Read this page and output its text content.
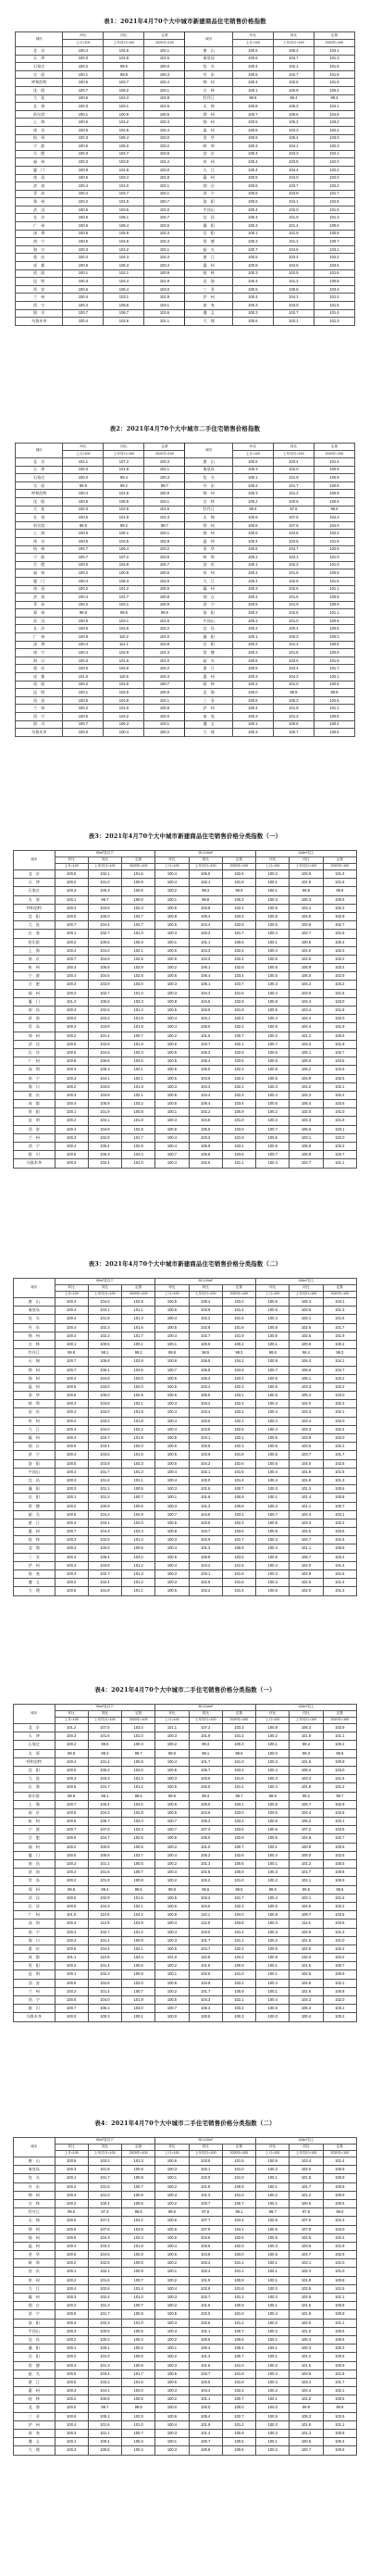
表1：2021年4月70个大中城市新建商品住宅销售价格指数
城市	环比	同比	定基	城市	环比	同比	定基
	上月=100	上年同月=100	2020年=100		上月=100	上年同月=100	2020年=100
北　京	100.4	104.6	102.1	唐　山	100.5	105.2	103.1
天　津	100.3	101.8	101.6	秦皇岛	100.6	103.7	101.3
石家庄	100.2	99.5	100.0	包　头	100.4	102.1	101.5
太　原	100.1	99.8	100.3	丹　东	100.5	102.7	101.8
呼和浩特	100.5	103.7	102.4	锦　州	100.4	102.6	101.9
沈　阳	100.7	105.2	103.1	吉　林	100.1	100.8	100.2
大　连	100.6	104.3	102.8	牡丹江	99.8	98.4	99.3
长　春	100.3	103.1	101.6	无　锡	100.8	106.3	104.1
哈尔滨	100.1	100.9	100.5	徐　州	100.7	106.6	104.8
上　海	100.5	104.2	102.3	扬　州	100.5	105.2	103.2
南　京	100.6	104.5	102.4	温　州	100.5	103.3	102.2
杭　州	100.3	106.4	103.0	金　华	100.6	105.4	103.0
宁　波	100.5	106.0	103.2	蚌　埠	100.3	104.1	102.3
合　肥	100.3	104.7	103.5	安　庆	100.4	103.3	102.1
福　州	100.3	103.9	101.4	泉　州	100.4	103.5	102.0
厦　门	100.9	104.8	103.0	九　江	100.4	104.4	102.4
南　昌	100.5	103.4	101.8	赣　州	100.5	104.0	102.0
济　南	100.4	104.0	102.1	烟　台	100.6	103.7	102.2
青　岛	100.4	104.7	102.1	济　宁	100.5	103.8	101.7
郑　州	100.2	101.5	100.7	洛　阳	100.6	104.1	102.5
武　汉	100.6	103.5	102.0	平顶山	100.4	102.0	101.5
长　沙	100.6	105.1	102.7	宜　昌	100.4	101.9	101.3
广　州	100.6	106.4	103.6	襄　阳	100.3	101.4	100.6
深　圳	100.5	105.9	102.3	岳　阳	100.1	101.5	100.8
南　宁	100.5	104.6	102.3	常　德	100.3	101.2	100.7
海　口	100.3	104.2	102.1	韶　关	100.7	104.5	103.1
重　庆	100.4	104.3	102.3	湛　江	100.5	103.4	102.2
成　都	100.5	106.3	103.4	惠　州	100.8	104.6	103.5
贵　阳	100.1	102.1	100.9	桂　林	100.3	102.8	101.6
昆　明	100.3	104.4	101.9	北　海	100.4	101.2	100.8
西　安	100.6	105.4	103.0	三　亚	100.5	106.8	103.4
兰　州	100.4	103.1	101.9	泸　州	100.4	104.1	101.4
西　宁	100.4	105.8	103.1	南　充	100.3	103.0	101.5
银　川	100.7	106.7	103.6	遵　义	100.3	102.7	101.4
乌鲁木齐	100.4	102.6	101.1	大　理	100.6	102.1	101.3
表2：2021年4月70个大中城市二手住宅销售价格指数
城市	环比	同比	定基	城市	环比	同比	定基
	上月=100	上年同月=100	2020年=100		上月=100	上年同月=100	2020年=100
北　京	101.1	107.2	103.3	唐　山	100.6	103.4	101.4
天　津	100.3	101.8	101.1	秦皇岛	100.3	102.0	100.9
石家庄	100.2	99.4	100.3	包　头	100.1	101.9	100.9
太　原	99.9	99.2	99.7	丹　东	100.2	101.7	100.8
呼和浩特	100.4	101.6	100.9	锦　州	100.3	101.2	100.9
沈　阳	100.5	106.5	103.1	吉　林	100.2	100.6	100.6
大　连	100.3	103.5	101.5	牡丹江	99.6	97.5	99.0
长　春	100.5	101.9	101.3	无　锡	100.6	107.6	104.3
哈尔滨	99.9	99.2	99.7	徐　州	100.6	107.8	104.0
上　海	100.6	106.1	103.1	扬　州	100.6	104.5	102.4
南　京	100.6	104.5	102.9	温　州	100.4	103.5	101.9
杭　州	100.7	106.4	103.2	金　华	100.6	104.7	102.9
宁　波	100.7	107.2	103.5	蚌　埠	100.2	103.1	101.0
合　肥	100.6	104.9	102.7	安　庆	100.1	102.3	101.0
福　州	100.2	100.9	100.6	泉　州	100.2	101.8	100.8
厦　门	100.4	105.3	102.6	九　江	100.4	102.8	101.5
南　昌	100.2	101.2	100.5	赣　州	100.3	102.6	101.1
济　南	100.4	101.7	100.8	烟　台	100.2	101.5	100.8
青　岛	100.2	102.1	100.9	济　宁	100.5	101.9	100.9
郑　州	99.8	99.5	99.5	洛　阳	100.3	102.5	101.1
武　汉	100.5	103.1	101.6	平顶山	100.3	101.0	100.6
长　沙	100.6	104.5	102.2	宜　昌	100.2	100.4	100.5
广　州	100.9	110.2	104.0	襄　阳	100.1	100.3	100.3
深　圳	100.4	112.1	103.8	岳　阳	100.2	101.2	100.6
南　宁	100.4	102.9	101.3	常　德	100.3	101.5	100.9
海　口	100.3	101.6	101.0	韶　关	100.5	103.6	101.8
重　庆	100.6	104.6	102.2	湛　江	100.5	103.4	101.7
成　都	101.0	110.6	104.3	惠　州	100.3	104.3	102.1
贵　阳	100.2	101.5	100.7	桂　林	100.2	101.0	100.6
昆　明	100.1	102.5	100.9	北　海	100.0	99.9	99.9
西　安	100.5	104.8	102.1	三　亚	100.6	105.3	102.6
兰　州	100.2	101.6	100.8	泸　州	100.4	101.8	101.1
西　宁	100.5	104.2	102.0	南　充	100.3	101.3	100.8
银　川	100.7	106.3	103.1	遵　义	100.1	100.6	100.4
乌鲁木齐	100.0	100.4	100.2	大　理	100.3	100.7	100.5
表3：2021年4月70个大中城市新建商品住宅销售价格分类指数（一）
城市	90m²及以下			90-144m²			144m²以上		
	环比	同比	定基	环比	同比	定基	环比	同比	定基
	上月=100	上年同月=100	2020年=100	上月=100	上年同月=100	2020年=100	上月=100	上年同月=100	2020年=100
北　京	100.5	102.1	101.6	100.4	106.0	102.6	100.2	103.6	101.4
天　津	100.2	101.0	100.9	100.4	102.1	101.8	100.1	101.9	101.5
石家庄	100.3	100.3	100.6	100.2	99.3	99.9	100.1	99.5	99.9
太　原	100.1	99.7	100.0	100.1	99.8	100.3	100.3	100.3	100.5
呼和浩特	100.3	103.5	102.3	100.5	103.9	102.4	100.5	103.4	102.3
沈　阳	100.5	105.0	102.7	100.8	105.4	103.3	100.5	104.8	102.9
大　连	100.7	104.4	102.7	100.6	104.4	102.8	100.5	103.9	102.7
长　春	100.1	102.7	101.3	100.3	103.3	101.7	100.4	102.7	101.5
哈尔滨	100.2	100.5	100.3	100.1	101.1	100.6	100.1	100.6	100.4
上　海	100.4	104.2	102.1	100.6	104.3	102.4	100.4	104.0	102.3
南　京	100.7	104.9	102.5	100.6	104.3	102.4	100.5	104.5	102.2
杭　州	100.3	106.8	102.9	100.2	106.1	102.8	100.5	106.9	103.4
宁　波	100.4	104.6	102.8	100.6	106.4	103.4	100.5	106.0	102.9
合　肥	100.3	103.9	103.0	100.3	105.1	103.7	100.3	104.2	103.2
福　州	100.2	102.7	101.0	100.3	104.2	101.5	100.4	103.9	101.5
厦　门	101.2	105.8	103.3	100.8	104.5	102.9	100.8	104.4	103.0
南　昌	100.3	102.6	101.4	100.5	103.6	101.9	100.5	103.4	101.9
济　南	100.3	103.2	101.8	100.4	104.1	102.2	100.4	104.4	102.0
青　岛	100.3	103.8	101.9	100.4	105.0	102.2	100.5	104.4	101.9
郑　州	100.2	101.4	100.7	100.2	101.6	100.7	100.2	101.2	100.6
武　汉	100.5	102.9	101.8	100.6	103.7	102.1	100.7	103.3	101.9
长　沙	100.5	104.5	102.3	100.6	105.2	102.8	100.6	105.1	102.7
广　州	100.8	106.8	103.6	100.5	106.4	103.5	100.6	106.0	103.6
深　圳	100.3	105.3	102.1	100.5	106.0	102.3	100.6	106.2	102.6
南　宁	100.3	104.1	102.1	100.5	104.6	102.3	100.5	104.9	102.5
海　口	100.2	103.8	101.9	100.3	104.3	102.1	100.3	104.2	102.1
重　庆	100.3	103.9	102.1	100.5	104.4	102.3	100.4	104.3	102.4
成　都	100.4	105.9	103.2	100.5	106.4	103.4	100.6	106.4	103.6
贵　阳	100.1	101.9	100.8	100.1	102.2	100.9	100.2	102.0	101.0
昆　明	100.2	104.1	101.8	100.3	104.5	101.9	100.3	104.3	101.9
西　安	100.4	104.9	102.8	100.6	105.5	103.0	100.7	105.6	103.1
兰　州	100.3	102.8	101.7	100.4	103.2	101.9	100.5	103.1	102.0
西　宁	100.4	105.4	102.9	100.4	105.9	103.1	100.5	105.9	103.2
银　川	100.6	106.3	103.4	100.7	106.8	103.6	100.7	106.8	103.7
乌鲁木齐	100.3	102.4	101.0	100.4	102.6	101.1	100.4	102.7	101.1
表3：2021年4月70个大中城市新建商品住宅销售价格分类指数（二）
城市	90m²及以下			90-144m²			144m²以上		
	环比	同比	定基	环比	同比	定基	环比	同比	定基
	上月=100	上年同月=100	2020年=100	上月=100	上年同月=100	2020年=100	上月=100	上年同月=100	2020年=100
唐　山	100.3	104.5	102.8	100.5	105.4	103.2	100.6	105.3	103.1
秦皇岛	100.4	103.1	101.1	100.6	103.9	101.4	100.6	103.6	101.3
包　头	100.4	101.8	101.3	100.4	102.2	101.5	100.4	102.1	101.5
丹　东	100.4	102.3	101.6	100.5	102.8	101.9	100.5	102.6	101.7
锦　州	100.4	102.2	101.7	100.4	102.7	101.9	100.5	102.5	101.9
吉　林	100.1	100.5	100.1	100.1	100.9	100.2	100.1	100.8	100.2
牡丹江	99.8	98.1	99.2	99.8	98.5	99.3	99.8	98.4	99.3
无　锡	100.7	105.8	103.9	100.8	106.5	104.2	100.8	106.3	104.1
徐　州	100.7	106.1	104.5	100.7	106.8	104.9	100.7	106.6	104.7
扬　州	100.4	104.8	103.0	100.5	105.3	103.3	100.5	105.1	103.2
温　州	100.5	103.0	102.0	100.5	103.4	102.3	100.5	103.3	102.2
金　华	100.5	105.0	102.8	100.6	105.6	103.1	100.6	105.3	103.0
蚌　埠	100.3	103.8	102.1	100.3	104.2	102.4	100.3	104.0	102.3
安　庆	100.4	103.0	101.9	100.4	103.4	102.2	100.4	103.3	102.1
泉　州	100.4	103.2	101.8	100.4	103.6	102.1	100.4	103.4	102.0
九　江	100.3	104.0	102.2	100.4	104.5	102.5	100.4	104.3	102.4
赣　州	100.4	103.7	101.8	100.5	104.1	102.1	100.5	103.9	102.0
烟　台	100.5	103.4	102.0	100.6	103.8	102.3	100.6	103.6	102.2
济　宁	100.4	103.5	101.5	100.5	103.9	101.8	100.5	103.7	101.7
洛　阳	100.5	103.8	102.3	100.6	104.2	102.6	100.6	104.0	102.5
平顶山	100.4	101.7	101.3	100.4	102.1	101.6	100.4	101.9	101.5
宜　昌	100.3	101.6	101.1	100.4	102.0	101.4	100.4	101.8	101.3
襄　阳	100.3	101.1	100.5	100.3	101.5	100.7	100.3	101.3	100.6
岳　阳	100.1	101.2	100.7	100.1	101.6	100.9	100.1	101.4	100.8
常　德	100.2	100.9	100.6	100.3	101.3	100.8	100.3	101.1	100.7
韶　关	100.6	104.2	102.9	100.7	104.6	103.2	100.7	104.4	103.1
湛　江	100.4	103.1	102.0	100.5	103.5	102.3	100.5	103.3	102.2
惠　州	100.7	104.3	103.3	100.8	104.7	103.6	100.8	104.5	103.5
桂　林	100.3	102.5	101.4	100.3	102.9	101.7	100.3	102.7	101.6
北　海	100.3	100.9	100.6	100.4	101.3	100.9	100.4	101.1	100.8
三　亚	100.4	106.4	103.2	100.5	106.9	103.5	100.5	106.7	103.4
泸　州	100.3	103.8	101.2	100.4	104.2	101.5	100.4	104.0	101.4
南　充	100.3	102.7	101.3	100.3	103.1	101.6	100.3	102.9	101.5
遵　义	100.2	102.4	101.2	100.3	102.8	101.5	100.3	102.6	101.4
大　理	100.5	101.8	101.1	100.6	102.2	101.4	100.6	102.0	101.3
表4：2021年4月70个大中城市二手住宅销售价格分类指数（一）
城市	90m²及以下			90-144m²			144m²以上		
	环比	同比	定基	环比	同比	定基	环比	同比	定基
	上月=100	上年同月=100	2020年=100	上月=100	上年同月=100	2020年=100	上月=100	上年同月=100	2020年=100
北　京	101.2	107.5	103.4	101.1	107.2	103.3	100.8	106.3	102.9
天　津	100.3	101.6	101.0	100.3	101.9	101.2	100.2	101.8	101.1
石家庄	100.2	99.5	100.3	100.2	99.3	100.3	100.1	99.4	100.2
太　原	99.9	99.3	99.7	99.9	99.1	99.6	100.0	99.3	99.8
呼和浩特	100.4	101.4	100.8	100.4	101.7	101.0	100.3	101.6	100.9
沈　阳	100.5	106.2	103.0	100.5	106.7	103.2	100.4	106.4	103.0
大　连	100.3	103.3	101.4	100.3	103.6	101.6	100.3	103.4	101.5
长　春	100.5	101.7	101.2	100.5	102.0	101.4	100.4	101.8	101.2
哈尔滨	99.9	99.1	99.6	99.9	99.3	99.7	99.9	99.2	99.7
上　海	100.7	106.4	103.2	100.6	106.0	103.1	100.5	105.7	102.9
南　京	100.6	104.3	102.8	100.6	104.6	103.0	100.5	104.4	102.8
杭　州	100.8	106.7	103.3	100.7	106.3	103.2	100.6	106.2	103.1
宁　波	100.7	107.0	103.4	100.7	107.3	103.6	100.6	107.2	103.5
合　肥	100.6	104.7	102.6	100.6	105.0	102.8	100.5	104.8	102.7
福　州	100.2	100.8	100.5	100.2	101.0	100.7	100.1	100.9	100.6
厦　门	100.5	105.6	102.7	100.4	105.2	102.6	100.4	105.0	102.5
南　昌	100.2	101.1	100.5	100.2	101.3	100.6	100.1	101.2	100.5
济　南	100.4	101.5	100.7	100.4	101.8	100.9	100.3	101.7	100.8
青　岛	100.2	101.9	100.8	100.2	102.2	101.0	100.2	102.1	100.9
郑　州	99.8	99.4	99.5	99.8	99.6	99.5	99.9	99.5	99.6
武　汉	100.5	102.9	101.5	100.5	103.2	101.7	100.4	103.1	101.6
长　沙	100.6	104.3	102.1	100.6	104.6	102.3	100.5	104.5	102.2
广　州	101.0	110.6	104.2	100.9	110.1	104.0	100.8	109.7	103.8
深　圳	100.4	112.5	103.9	100.4	112.0	103.8	100.3	111.6	103.6
南　宁	100.4	102.7	101.2	100.4	103.0	101.4	100.3	102.9	101.3
海　口	100.3	101.4	100.9	100.3	101.7	101.1	100.2	101.6	101.0
重　庆	100.6	104.4	102.1	100.6	104.7	102.3	100.5	104.6	102.2
成　都	101.1	110.9	104.4	101.0	110.5	104.3	100.9	110.3	104.2
贵　阳	100.2	101.4	100.6	100.2	101.6	100.8	100.1	101.5	100.7
昆　明	100.1	102.3	100.8	100.1	102.6	101.0	100.1	102.5	100.9
西　安	100.5	104.6	102.0	100.5	104.9	102.2	100.4	104.8	102.1
兰　州	100.2	101.4	100.7	100.2	101.7	100.9	100.1	101.6	100.8
西　宁	100.5	104.0	101.9	100.5	104.3	102.1	100.4	104.2	102.0
银　川	100.7	106.1	103.0	100.7	106.4	103.2	100.6	106.3	103.1
乌鲁木齐	100.0	100.3	100.1	100.0	100.5	100.3	100.0	100.4	100.2
表4：2021年4月70个大中城市二手住宅销售价格分类指数（二）
城市	90m²及以下			90-144m²			144m²以上		
	环比	同比	定基	环比	同比	定基	环比	同比	定基
	上月=100	上年同月=100	2020年=100	上月=100	上年同月=100	2020年=100	上月=100	上年同月=100	2020年=100
唐　山	100.6	103.2	101.3	100.6	103.5	101.5	100.5	103.4	101.4
秦皇岛	100.3	101.8	100.8	100.3	102.1	101.0	100.2	102.0	100.9
包　头	100.1	101.7	100.8	100.1	102.0	101.0	100.1	101.9	100.9
丹　东	100.2	101.5	100.7	100.2	101.8	100.9	100.1	101.7	100.8
锦　州	100.3	101.0	100.8	100.3	101.3	101.0	100.2	101.2	100.9
吉　林	100.2	100.4	100.5	100.2	100.7	100.7	100.1	100.6	100.6
牡丹江	99.6	97.3	98.9	99.6	97.6	99.1	99.7	97.5	99.0
无　锡	100.6	107.4	104.2	100.6	107.7	104.4	100.5	107.6	104.3
徐　州	100.6	107.6	103.9	100.6	107.9	104.1	100.5	107.8	104.0
扬　州	100.6	104.3	102.3	100.6	104.6	102.5	100.5	104.5	102.4
温　州	100.4	103.3	101.8	100.4	103.6	102.0	100.3	103.5	101.9
金　华	100.6	104.5	102.8	100.6	104.8	103.0	100.5	104.7	102.9
蚌　埠	100.2	102.9	100.9	100.2	103.2	101.1	100.1	103.1	101.0
安　庆	100.1	102.1	100.9	100.1	102.4	101.1	100.1	102.3	101.0
泉　州	100.2	101.6	100.7	100.2	101.9	100.9	100.1	101.8	100.8
九　江	100.4	102.6	101.4	100.4	102.9	101.6	100.3	102.8	101.5
赣　州	100.3	102.4	101.0	100.3	102.7	101.2	100.2	102.6	101.1
烟　台	100.2	101.3	100.7	100.2	101.6	100.9	100.1	101.5	100.8
济　宁	100.5	101.7	100.8	100.5	102.0	101.0	100.4	101.9	100.9
洛　阳	100.3	102.3	101.0	100.3	102.6	101.2	100.2	102.5	101.1
平顶山	100.3	100.8	100.5	100.3	101.1	100.7	100.2	101.0	100.6
宜　昌	100.2	100.2	100.4	100.2	100.5	100.6	100.1	100.4	100.5
襄　阳	100.1	100.1	100.2	100.1	100.4	100.4	100.1	100.3	100.3
岳　阳	100.2	101.0	100.5	100.2	101.3	100.7	100.1	101.2	100.6
常　德	100.3	101.3	100.8	100.3	101.6	101.0	100.2	101.5	100.9
韶　关	100.5	103.4	101.7	100.5	103.7	101.9	100.4	103.6	101.8
湛　江	100.5	103.2	101.6	100.5	103.5	101.8	100.4	103.4	101.7
惠　州	100.3	104.1	102.0	100.3	104.4	102.2	100.2	104.3	102.1
桂　林	100.2	100.8	100.5	100.2	101.1	100.7	100.1	101.0	100.6
北　海	100.0	99.7	99.8	100.0	100.0	100.0	100.0	99.9	99.9
三　亚	100.6	105.1	102.5	100.6	105.4	102.7	100.5	105.3	102.6
泸　州	100.4	101.6	101.0	100.4	101.9	101.2	100.3	101.8	101.1
南　充	100.3	101.1	100.7	100.3	101.4	100.9	100.2	101.3	100.8
遵　义	100.1	100.4	100.3	100.1	100.7	100.5	100.1	100.6	100.4
大　理	100.3	100.5	100.4	100.3	100.8	100.6	100.2	100.7	100.5
